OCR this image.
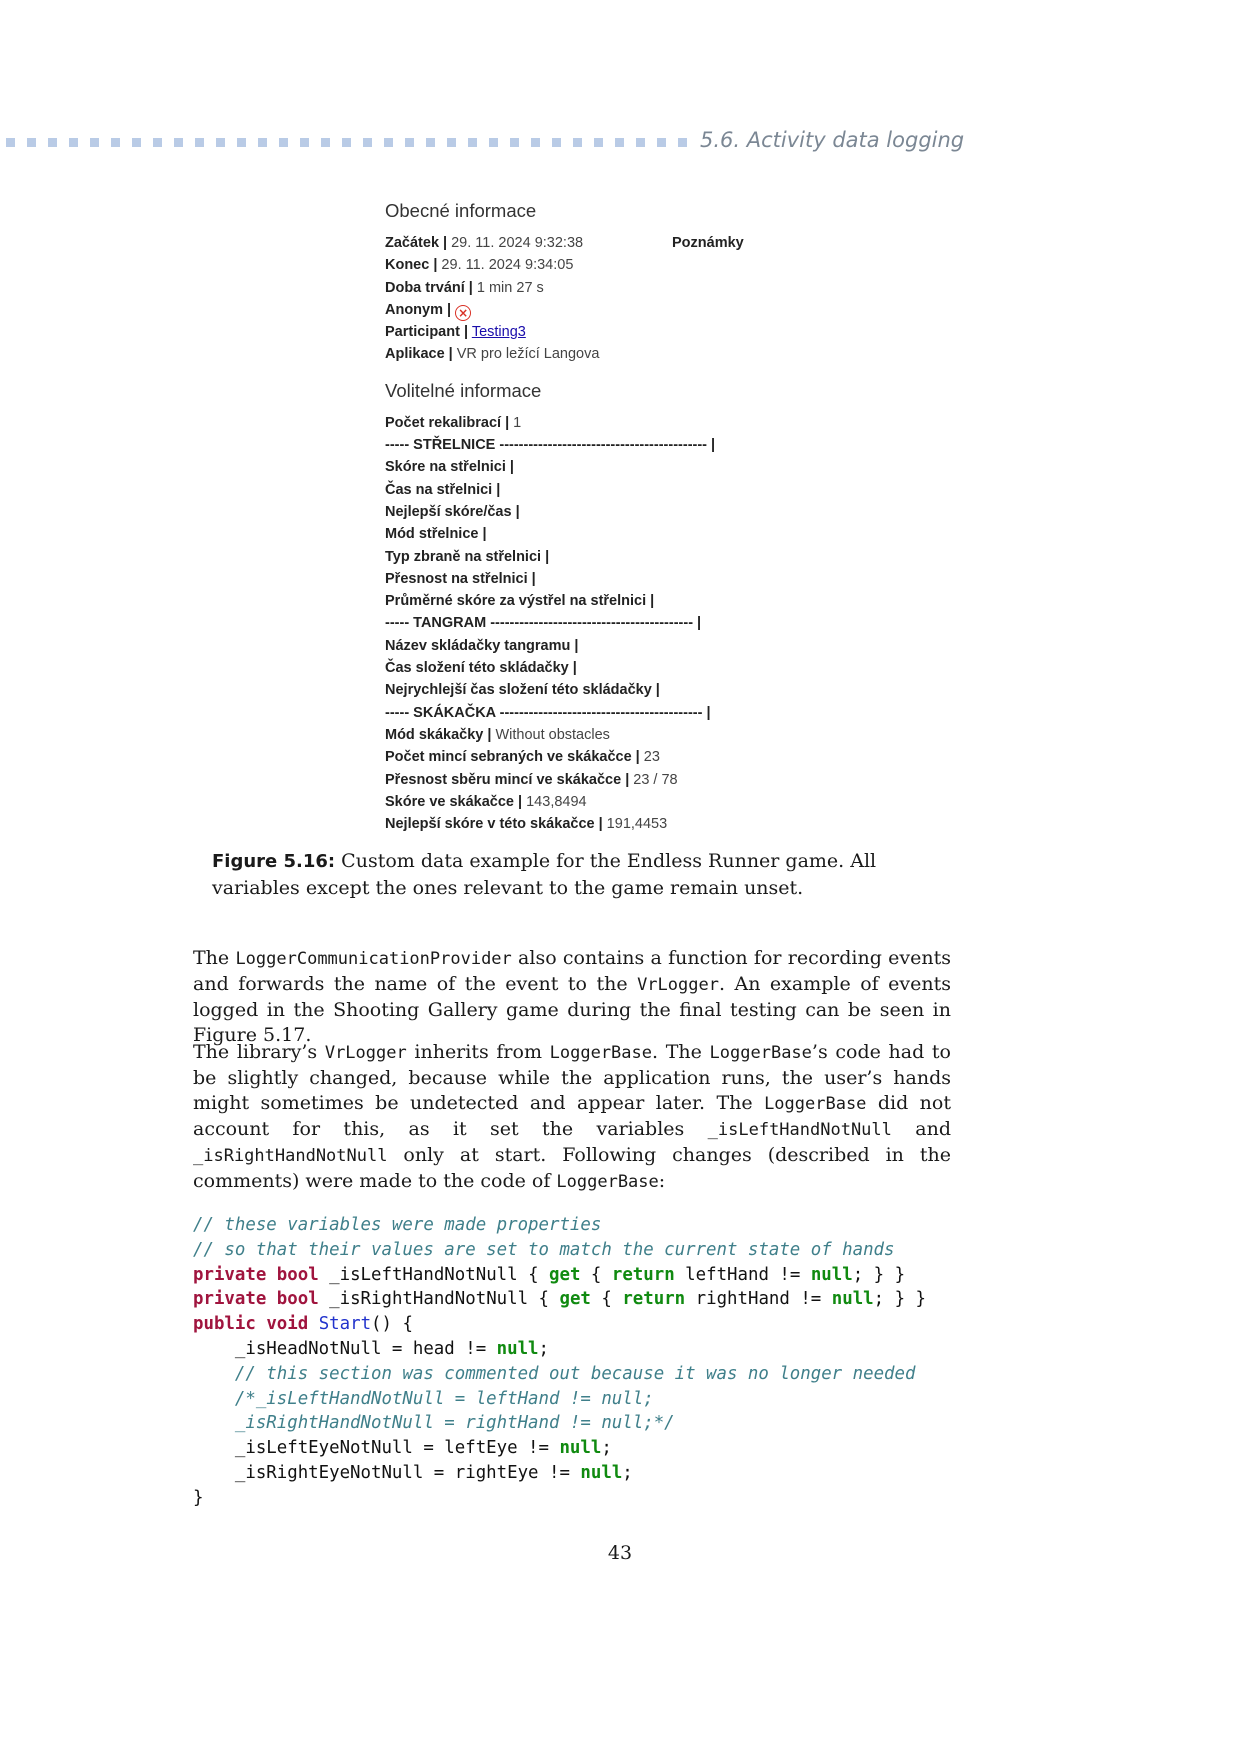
5.6. Activity data logging
Obecné informace
Začátek | 29. 11. 2024 9:32:38	Poznámky
Konec | 29. 11. 2024 9:34:05
Doba trvání | 1 min 27 s
Anonym | ×
Participant | Testing3
Aplikace | VR pro ležící Langova
Volitelné informace
Počet rekalibrací | 1
----- STŘELNICE ------------------------------------------- |
Skóre na střelnici |
Čas na střelnici |
Nejlepší skóre/čas |
Mód střelnice |
Typ zbraně na střelnici |
Přesnost na střelnici |
Průměrné skóre za výstřel na střelnici |
----- TANGRAM ------------------------------------------ |
Název skládačky tangramu |
Čas složení této skládačky |
Nejrychlejší čas složení této skládačky |
----- SKÁKAČKA ------------------------------------------ |
Mód skákačky | Without obstacles
Počet mincí sebraných ve skákačce | 23
Přesnost sběru mincí ve skákačce | 23 / 78
Skóre ve skákačce | 143,8494
Nejlepší skóre v této skákačce | 191,4453
Figure 5.16: Custom data example for the Endless Runner game. All variables except the ones relevant to the game remain unset.
The LoggerCommunicationProvider also contains a function for recording events and forwards the name of the event to the VrLogger. An example of events logged in the Shooting Gallery game during the final testing can be seen in Figure 5.17.
The library’s VrLogger inherits from LoggerBase. The LoggerBase’s code had to be slightly changed, because while the application runs, the user’s hands might sometimes be undetected and appear later. The LoggerBase did not account for this, as it set the variables _isLeftHandNotNull and _isRightHandNotNull only at start. Following changes (described in the comments) were made to the code of LoggerBase:
// these variables were made properties
// so that their values are set to match the current state of hands
private bool _isLeftHandNotNull { get { return leftHand != null; } }
private bool _isRightHandNotNull { get { return rightHand != null; } }
public void Start() {
_isHeadNotNull = head != null;
// this section was commented out because it was no longer needed
/*_isLeftHandNotNull = leftHand != null;
_isRightHandNotNull = rightHand != null;*/
_isLeftEyeNotNull = leftEye != null;
_isRightEyeNotNull = rightEye != null;
}
43
